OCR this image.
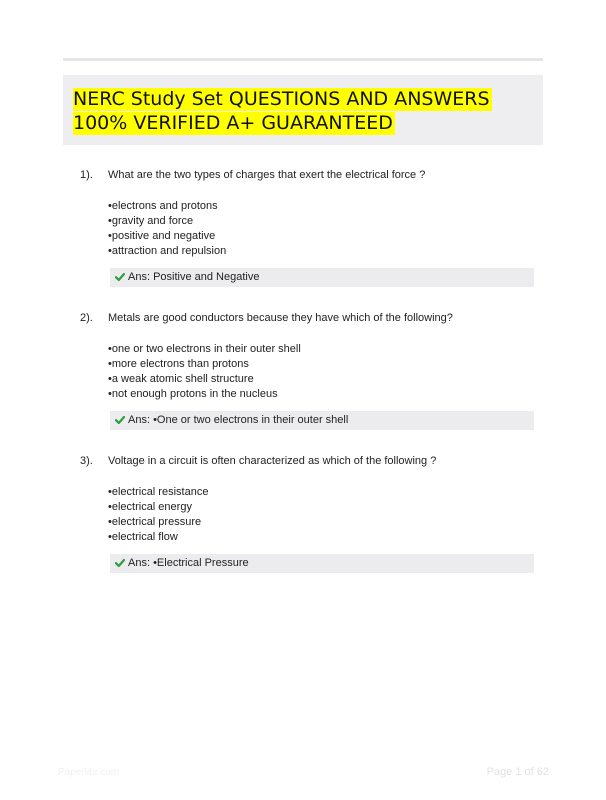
NERC Study Set QUESTIONS AND ANSWERS
100% VERIFIED A+ GUARANTEED
1). What are the two types of charges that exert the electrical force ?
•electrons and protons
•gravity and force
•positive and negative
•attraction and repulsion
Ans: Positive and Negative
2). Metals are good conductors because they have which of the following?
•one or two electrons in their outer shell
•more electrons than protons
•a weak atomic shell structure
•not enough protons in the nucleus
Ans: •One or two electrons in their outer shell
3). Voltage in a circuit is often characterized as which of the following ?
•electrical resistance
•electrical energy
•electrical pressure
•electrical flow
Ans: •Electrical Pressure
Paperlibr.com	Page 1 of 62
